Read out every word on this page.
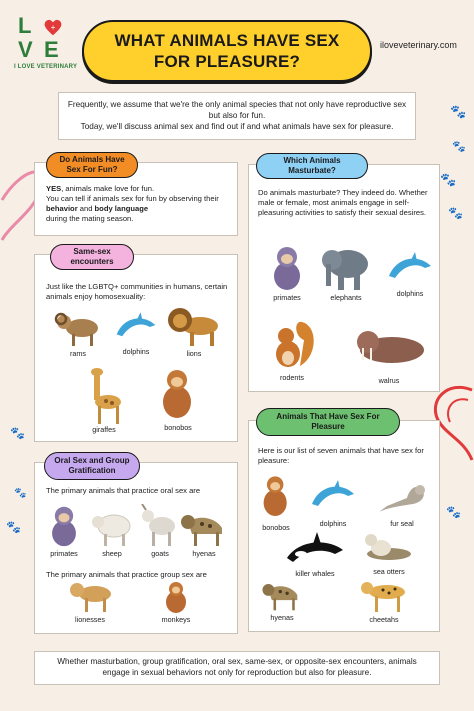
🐾
🐾
🐾
🐾
🐾
🐾
🐾
🐾
L +
V E
I LOVE VETERINARY
WHAT ANIMALS HAVE SEX FOR PLEASURE?
iloveveterinary.com
Frequently, we assume that we're the only animal species that not only have reproductive sex but also for fun.
Today, we'll discuss animal sex and find out if and what animals have sex for pleasure.
Do Animals Have Sex For Fun?
YES, animals make love for fun.
You can tell if animals sex for fun by observing their behavior and body language
during the mating season.
Which Animals Masturbate?
Do animals masturbate? They indeed do. Whether male or female, most animals engage in self-pleasuring activities to satisfy their sexual desires.
Same-sex encounters
Just like the LGBTQ+ communities in humans, certain animals enjoy homosexuality:
Oral Sex and Group Gratification
The primary animals that practice oral sex are
The primary animals that practice group sex are
Animals That Have Sex For Pleasure
Here is our list of seven animals that have sex for pleasure:
Whether masturbation, group gratification, oral sex, same-sex, or opposite-sex encounters, animals engage in sexual behaviors not only for reproduction but also for pleasure.
primates	elephants	dolphins
rodents	walrus
rams	dolphins	lions
giraffes	bonobos
primates	sheep	goats	hyenas
lionesses	monkeys
bonobos	dolphins	fur seal
killer whales	sea otters
hyenas	cheetahs
